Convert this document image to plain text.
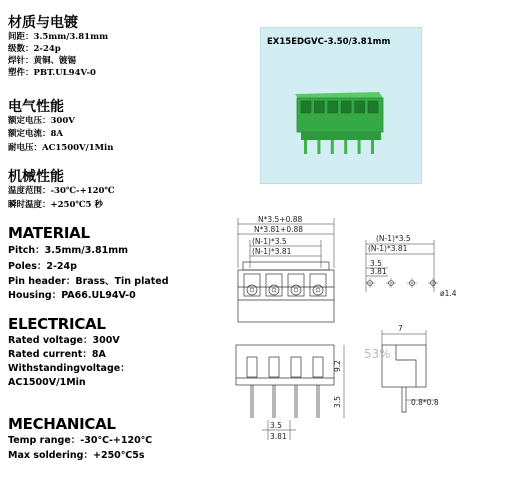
材质与电镀
间距：3.5mm/3.81mm
级数：2-24p
焊针：黄铜、镀锡
塑件：PBT.UL94V-0
电气性能
额定电压：300V
额定电流：8A
耐电压：AC1500V/1Min
机械性能
温度范围：-30℃-+120℃
瞬时温度：+250℃5 秒
MATERIAL
Pitch：3.5mm/3.81mm
Poles：2-24p
Pin header：Brass、Tin plated
Housing：PA66.UL94V-0
ELECTRICAL
Rated voltage：300V
Rated current：8A
Withstandingvoltage：
AC1500V/1Min
MECHANICAL
Temp range：-30℃-+120℃
Max soldering：+250℃5s
EX15EDGVC-3.50/3.81mm
N*3.5+0.88
N*3.81+0.88
(N-1)*3.5
(N-1)*3.81
(N-1)*3.5
(N-1)*3.81
3.5
3.81
ø1.4
7
9.2
3.5	0.8*0.8
3.5
3.81
53%
